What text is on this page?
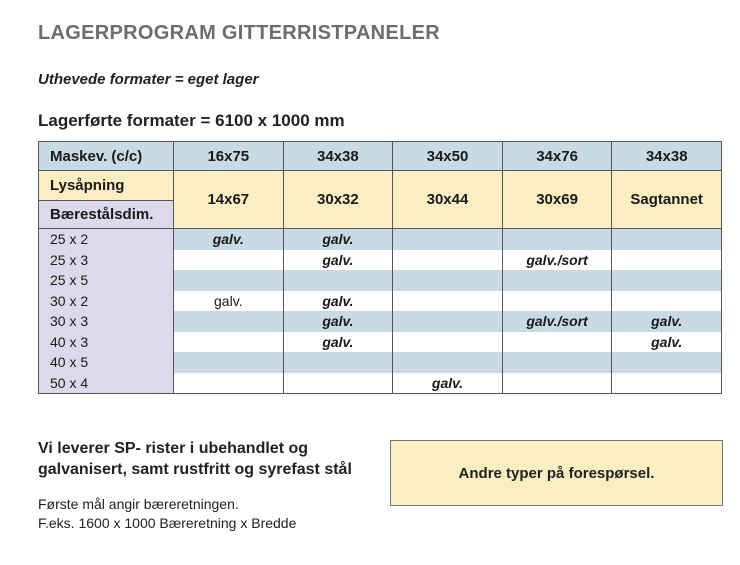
LAGERPROGRAM GITTERRISTPANELER
Uthevede formater = eget lager
Lagerførte formater = 6100 x 1000 mm
Maskev. (c/c)	16x75	34x38	34x50	34x76	34x38

Lysåpning
Bærestålsdim.	14x67	30x32	30x44	30x69	Sagtannet
25 x 2	galv.	galv.			
25 x 3		galv.		galv./sort	
25 x 5					
30 x 2	galv.	galv.			
30 x 3		galv.		galv./sort	galv.
40 x 3		galv.			galv.
40 x 5					
50 x 4			galv.		
Vi leverer SP- rister i ubehandlet og galvanisert, samt rustfritt og syrefast stål
Første mål angir bæreretningen.
F.eks. 1600 x 1000 Bæreretning x Bredde
Andre typer på forespørsel.
